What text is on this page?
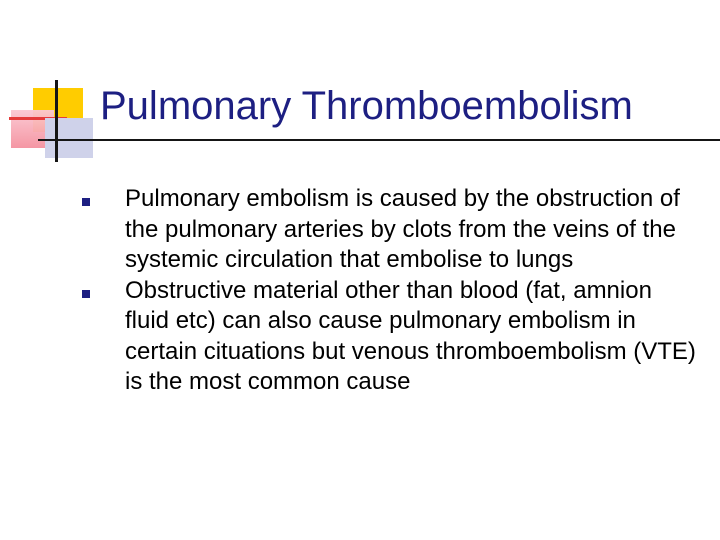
Pulmonary Thromboembolism
Pulmonary embolism is caused by the obstruction of the pulmonary arteries by clots from the veins of the systemic circulation that embolise to lungs
Obstructive material other than blood (fat, amnion fluid etc) can also cause pulmonary embolism in certain cituations but venous thromboembolism (VTE) is the most common cause
